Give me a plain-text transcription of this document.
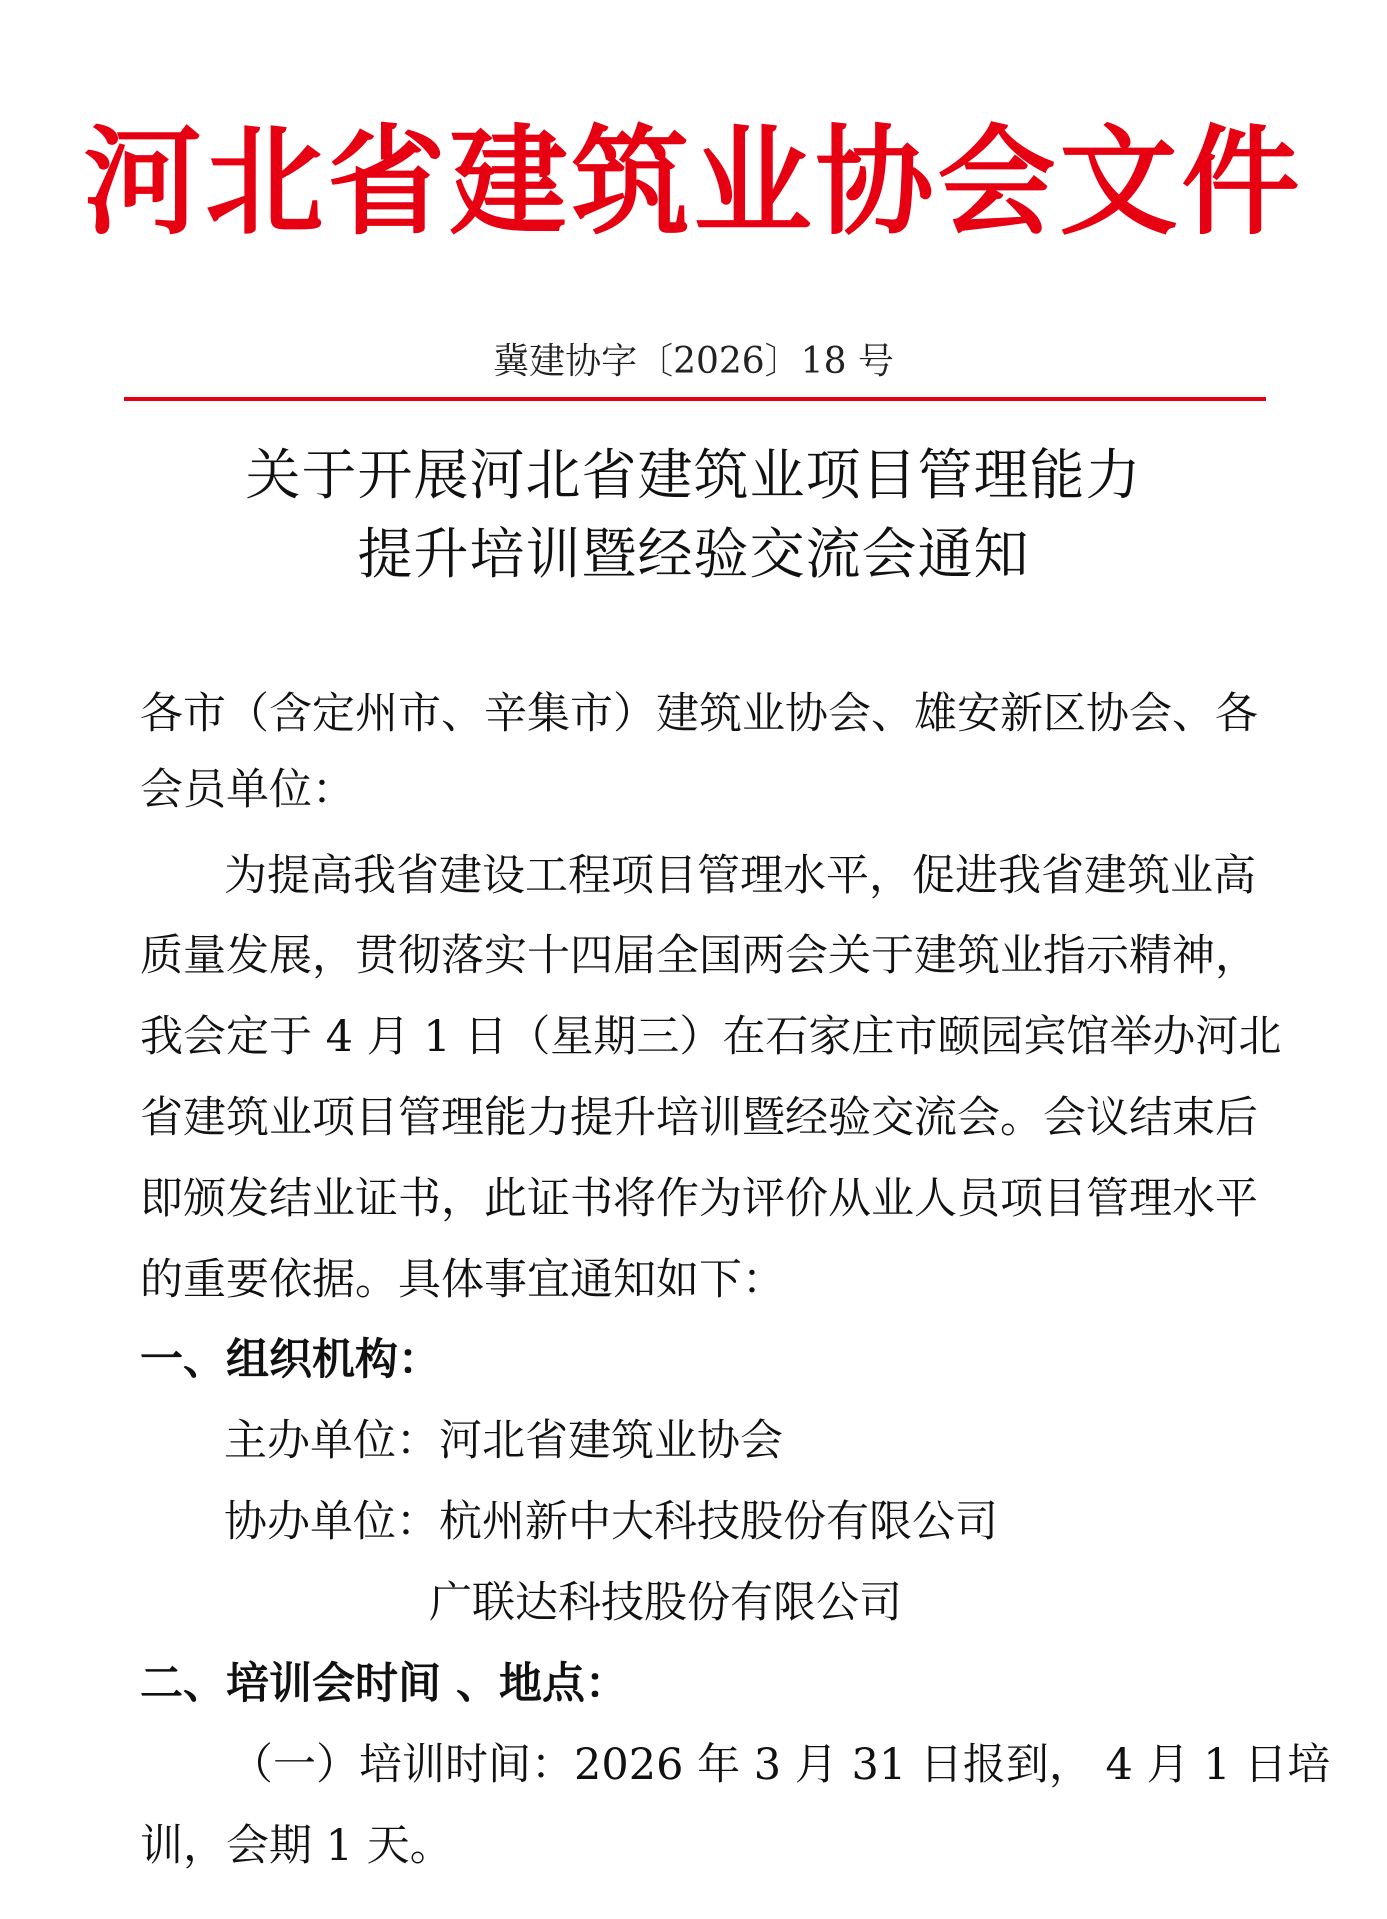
河北省建筑业协会文件
冀建协字〔2026〕18 号
关于开展河北省建筑业项目管理能力
提升培训暨经验交流会通知
各市（含定州市、辛集市）建筑业协会、雄安新区协会、各
会员单位：
为提高我省建设工程项目管理水平，促进我省建筑业高
质量发展，贯彻落实十四届全国两会关于建筑业指示精神，
我会定于 4 月 1 日（星期三）在石家庄市颐园宾馆举办河北
省建筑业项目管理能力提升培训暨经验交流会。会议结束后
即颁发结业证书，此证书将作为评价从业人员项目管理水平
的重要依据。具体事宜通知如下：
一、组织机构：
主办单位：河北省建筑业协会
协办单位：杭州新中大科技股份有限公司
广联达科技股份有限公司
二、培训会时间 、地点：
（一）培训时间：2026 年 3 月 31 日报到， 4 月 1 日培
训，会期 1 天。
